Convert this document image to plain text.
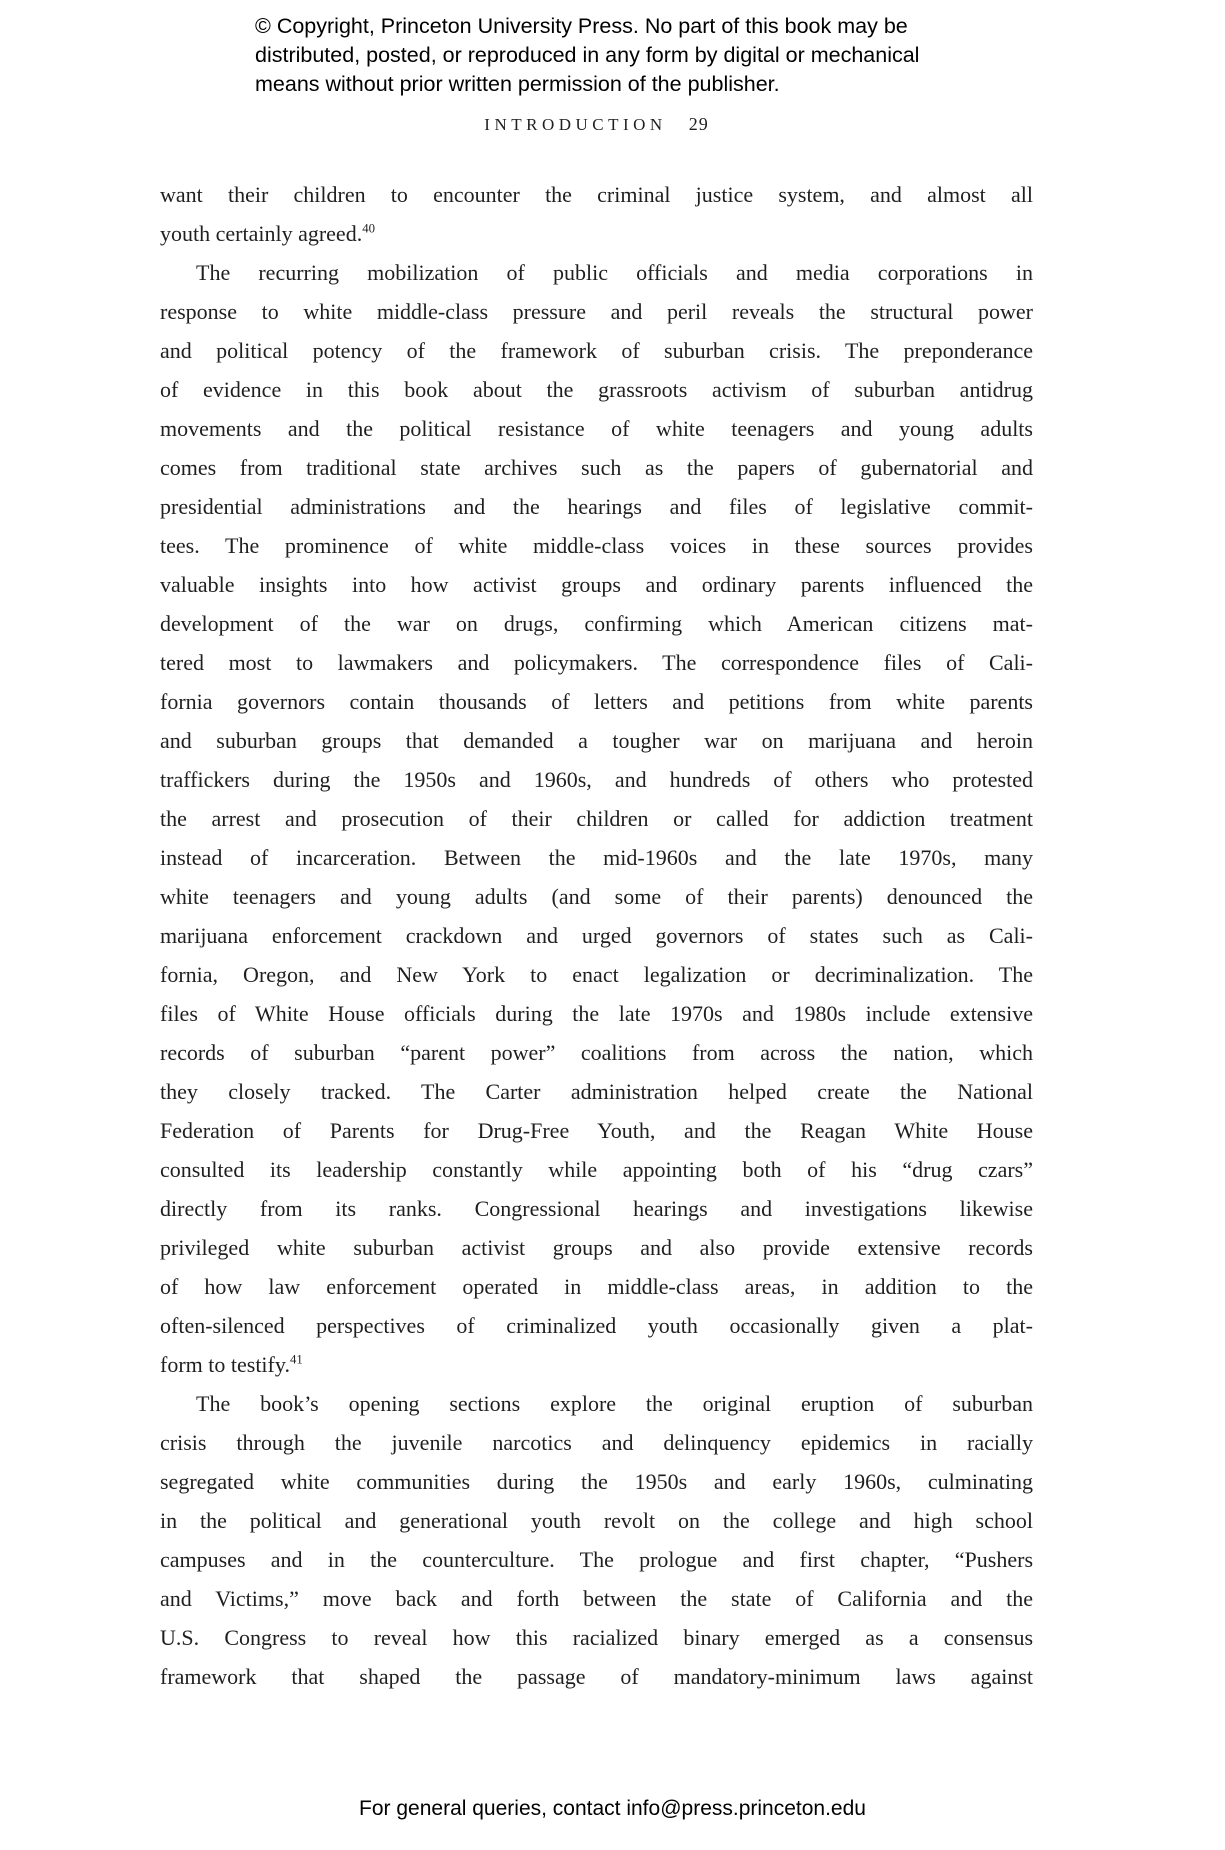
© Copyright, Princeton University Press. No part of this book may be
distributed, posted, or reproduced in any form by digital or mechanical
means without prior written permission of the publisher.
INTRODUCTION 29
want their children to encounter the criminal justice system, and almost all
youth certainly agreed.$^{40}$
The recurring mobilization of public officials and media corporations in
response to white middle-class pressure and peril reveals the structural power
and political potency of the framework of suburban crisis. The preponderance
of evidence in this book about the grassroots activism of suburban antidrug
movements and the political resistance of white teenagers and young adults
comes from traditional state archives such as the papers of gubernatorial and
presidential administrations and the hearings and files of legislative commit-
tees. The prominence of white middle-class voices in these sources provides
valuable insights into how activist groups and ordinary parents influenced the
development of the war on drugs, confirming which American citizens mat-
tered most to lawmakers and policymakers. The correspondence files of Cali-
fornia governors contain thousands of letters and petitions from white parents
and suburban groups that demanded a tougher war on marijuana and heroin
traffickers during the 1950s and 1960s, and hundreds of others who protested
the arrest and prosecution of their children or called for addiction treatment
instead of incarceration. Between the mid-1960s and the late 1970s, many
white teenagers and young adults (and some of their parents) denounced the
marijuana enforcement crackdown and urged governors of states such as Cali-
fornia, Oregon, and New York to enact legalization or decriminalization. The
files of White House officials during the late 1970s and 1980s include extensive
records of suburban “parent power” coalitions from across the nation, which
they closely tracked. The Carter administration helped create the National
Federation of Parents for Drug-Free Youth, and the Reagan White House
consulted its leadership constantly while appointing both of his “drug czars”
directly from its ranks. Congressional hearings and investigations likewise
privileged white suburban activist groups and also provide extensive records
of how law enforcement operated in middle-class areas, in addition to the
often-silenced perspectives of criminalized youth occasionally given a plat-
form to testify.$^{41}$
The book’s opening sections explore the original eruption of suburban
crisis through the juvenile narcotics and delinquency epidemics in racially
segregated white communities during the 1950s and early 1960s, culminating
in the political and generational youth revolt on the college and high school
campuses and in the counterculture. The prologue and first chapter, “Pushers
and Victims,” move back and forth between the state of California and the
U.S. Congress to reveal how this racialized binary emerged as a consensus
framework that shaped the passage of mandatory-minimum laws against
For general queries, contact info@press.princeton.edu
